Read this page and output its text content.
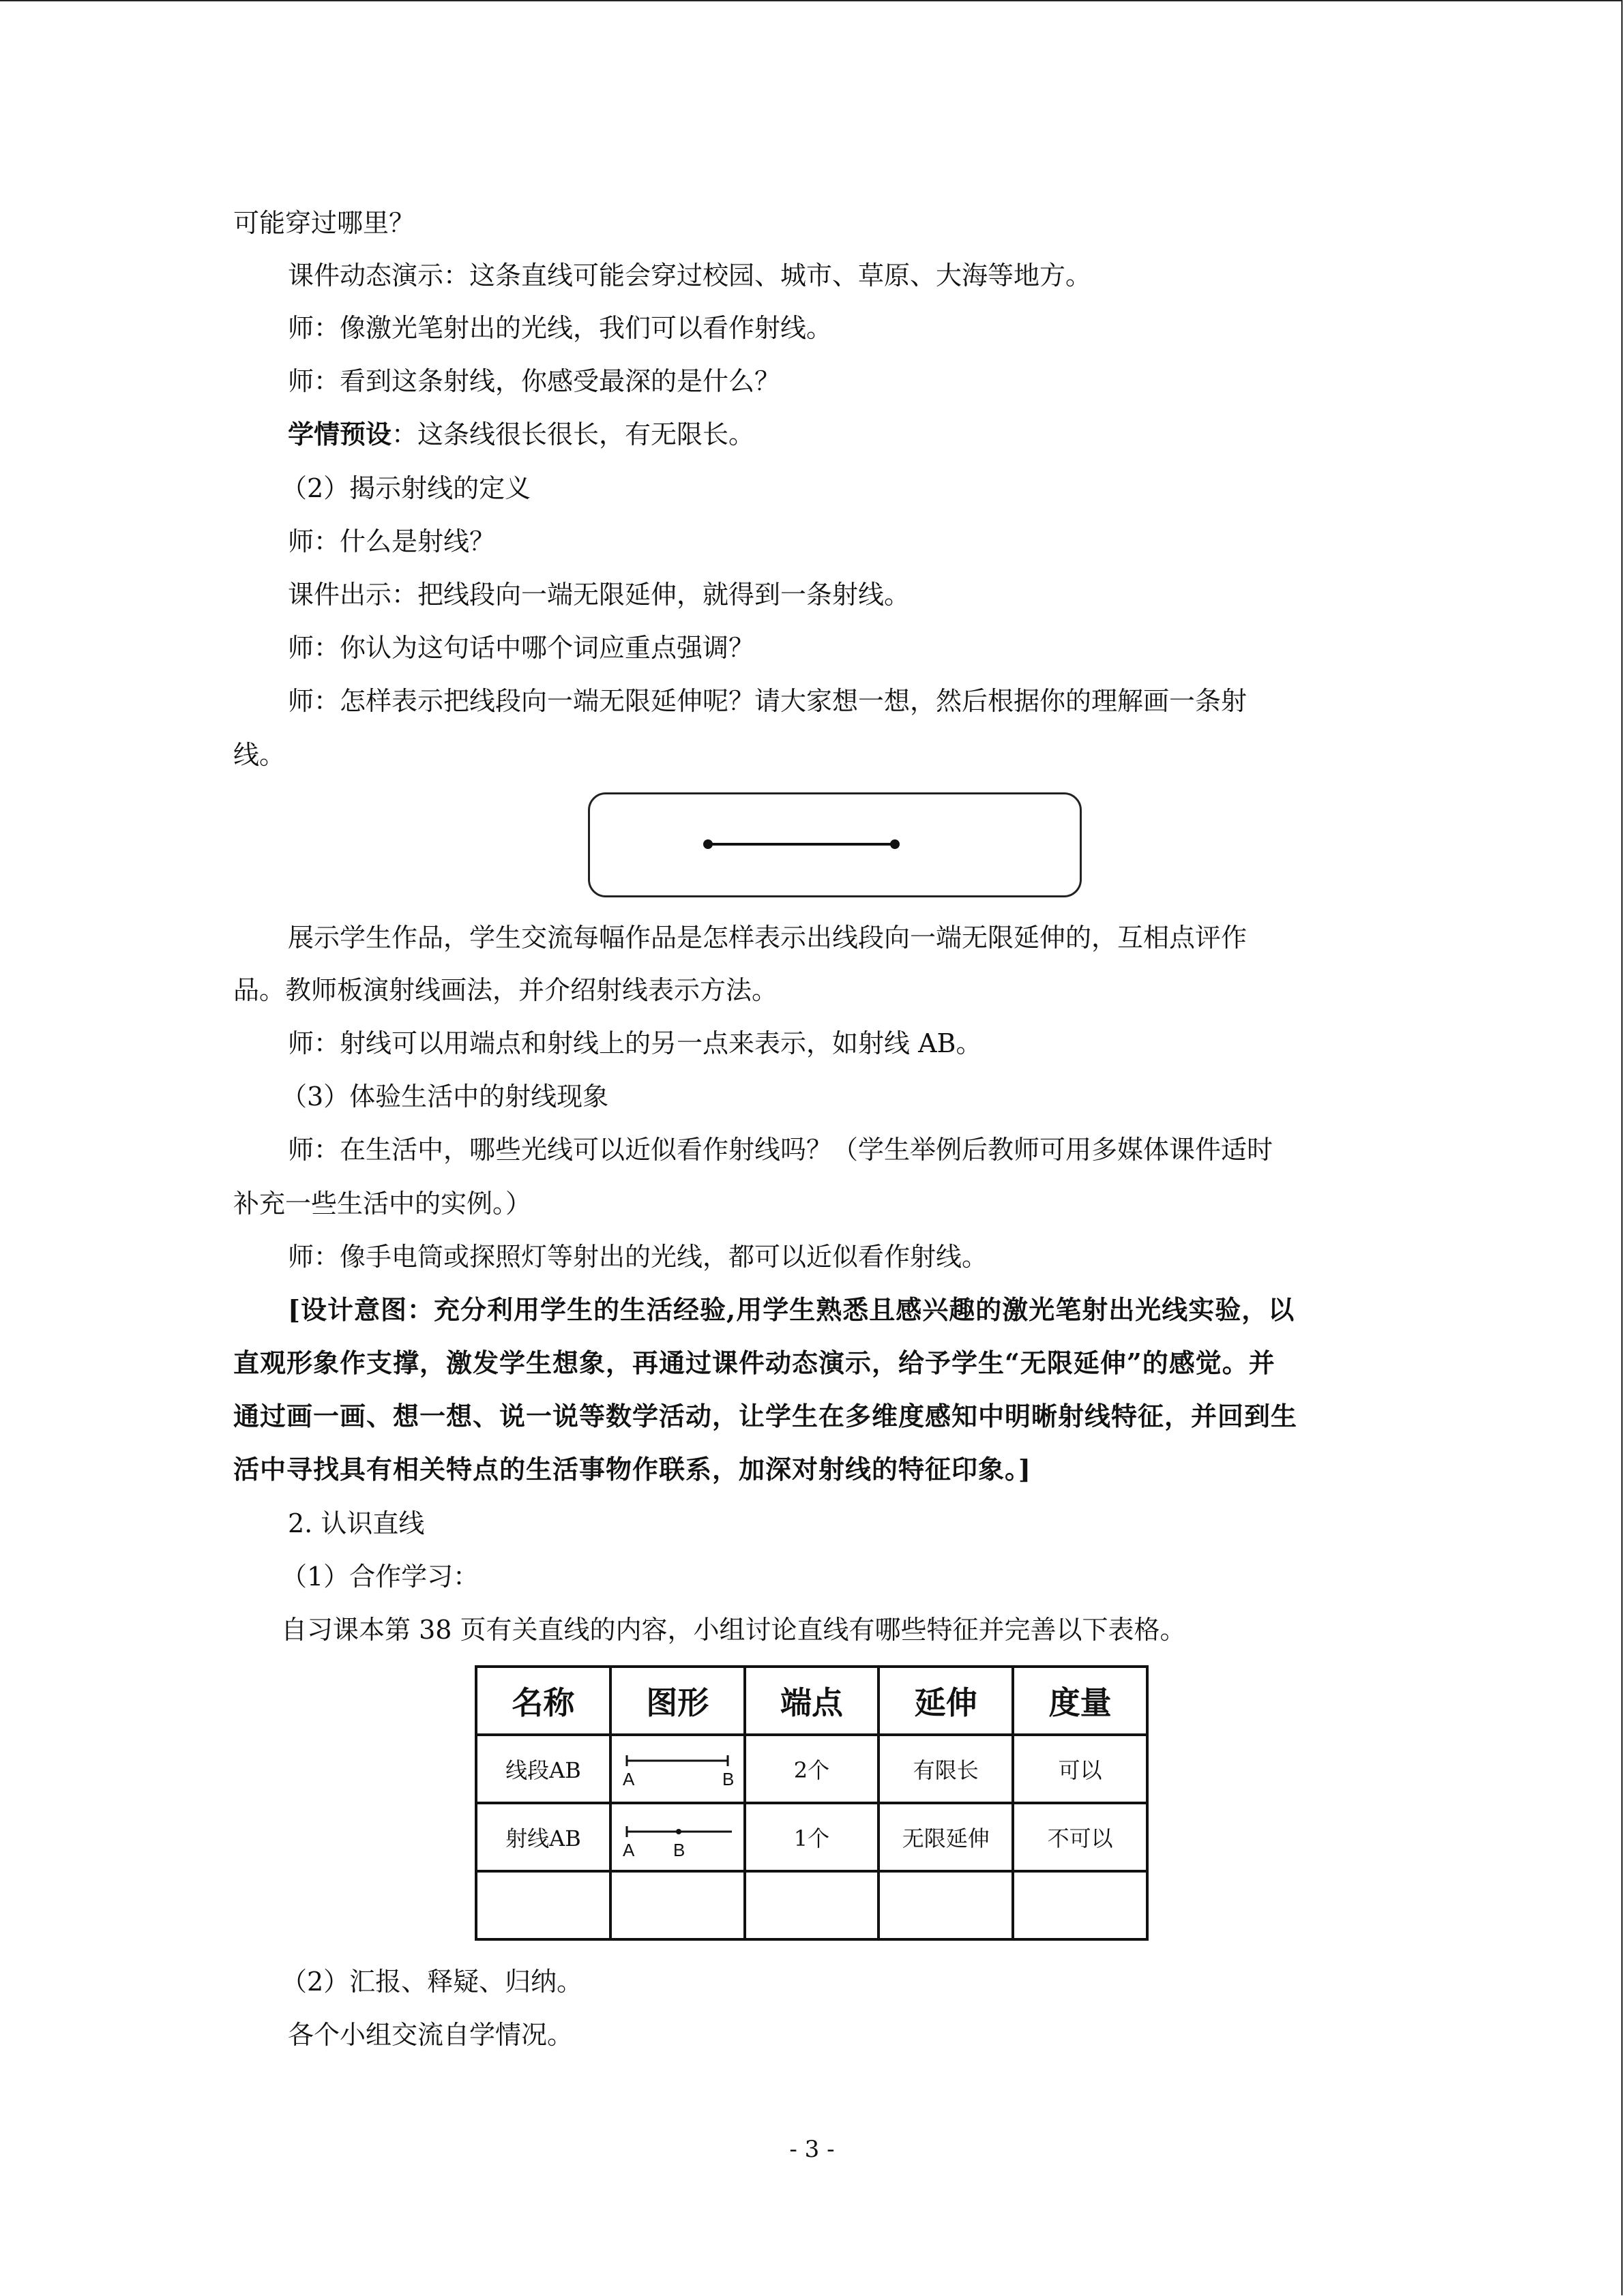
可能穿过哪里？

课件动态演示：这条直线可能会穿过校园、城市、草原、大海等地方。

师：像激光笔射出的光线，我们可以看作射线。

师：看到这条射线，你感受最深的是什么？

学情预设：这条线很长很长，有无限长。

（2）揭示射线的定义

师：什么是射线？

课件出示：把线段向一端无限延伸，就得到一条射线。

师：你认为这句话中哪个词应重点强调？

师：怎样表示把线段向一端无限延伸呢？请大家想一想，然后根据你的理解画一条射

线。

展示学生作品，学生交流每幅作品是怎样表示出线段向一端无限延伸的，互相点评作

品。教师板演射线画法，并介绍射线表示方法。

师：射线可以用端点和射线上的另一点来表示，如射线 AB。

（3）体验生活中的射线现象

师：在生活中，哪些光线可以近似看作射线吗？（学生举例后教师可用多媒体课件适时

补充一些生活中的实例。）

师：像手电筒或探照灯等射出的光线，都可以近似看作射线。

[设计意图：充分利用学生的生活经验,用学生熟悉且感兴趣的激光笔射出光线实验，以

直观形象作支撑，激发学生想象，再通过课件动态演示，给予学生“无限延伸”的感觉。并

通过画一画、想一想、说一说等数学活动，让学生在多维度感知中明晰射线特征，并回到生

活中寻找具有相关特点的生活事物作联系，加深对射线的特征印象。]

2. 认识直线

（1）合作学习：

自习课本第 38 页有关直线的内容，小组讨论直线有哪些特征并完善以下表格。

名称	图形	端点	延伸	度量
线段AB	A B	2个	有限长	可以
射线AB	A B	1个	无限延伸	不可以

（2）汇报、释疑、归纳。

各个小组交流自学情况。

- 3 -
